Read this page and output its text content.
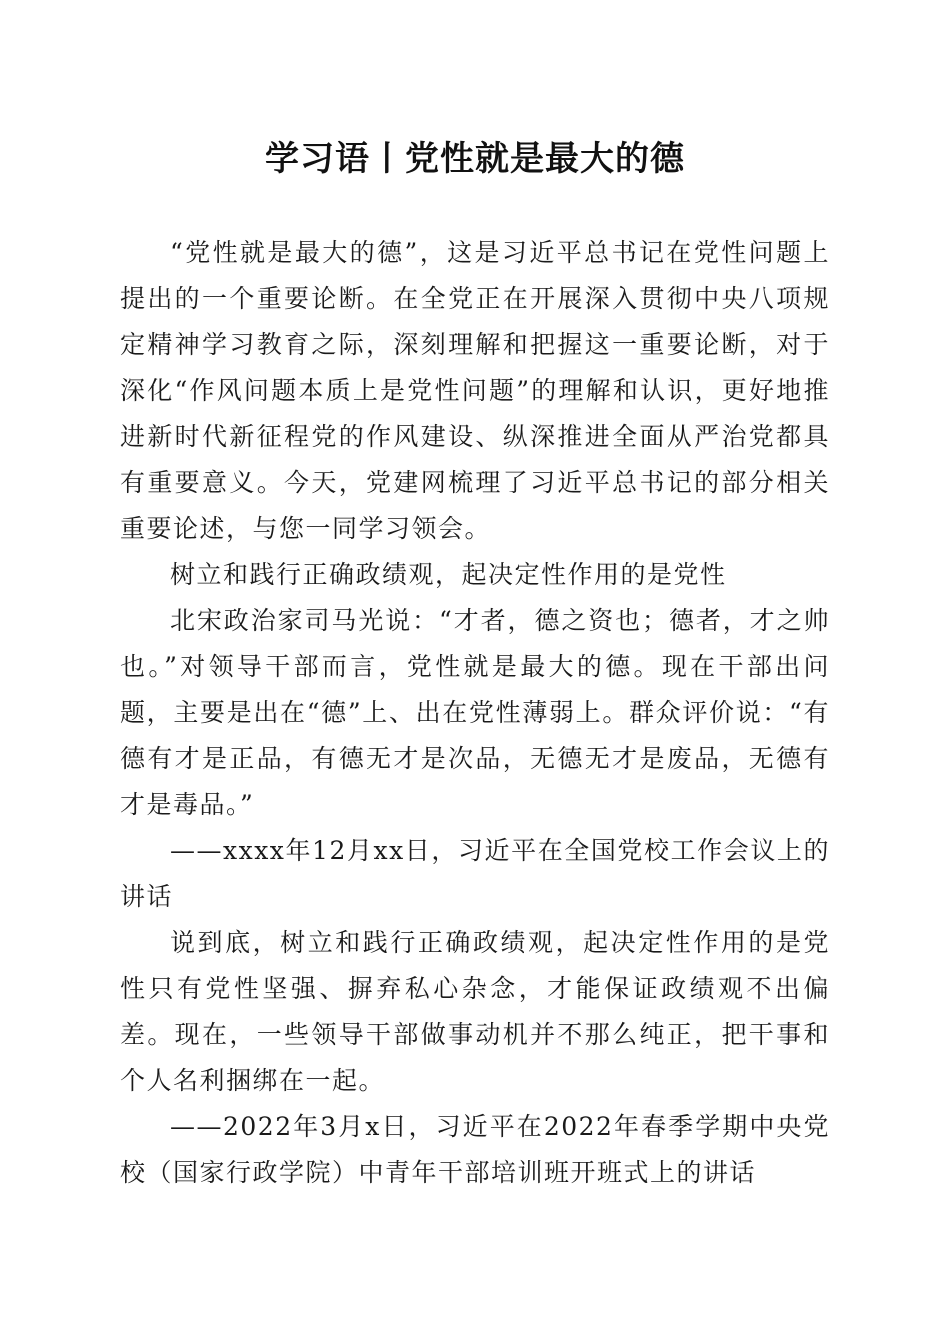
学习语丨党性就是最大的德

“党性就是最大的德”，这是习近平总书记在党性问题上提出的一个重要论断。在全党正在开展深入贯彻中央八项规定精神学习教育之际，深刻理解和把握这一重要论断，对于深化“作风问题本质上是党性问题”的理解和认识，更好地推进新时代新征程党的作风建设、纵深推进全面从严治党都具有重要意义。今天，党建网梳理了习近平总书记的部分相关重要论述，与您一同学习领会。

树立和践行正确政绩观，起决定性作用的是党性

北宋政治家司马光说：“才者，德之资也；德者，才之帅也。”对领导干部而言，党性就是最大的德。现在干部出问题，主要是出在“德”上、出在党性薄弱上。群众评价说：“有德有才是正品，有德无才是次品，无德无才是废品，无德有才是毒品。”

——xxxx年12月xx日，习近平在全国党校工作会议上的讲话

说到底，树立和践行正确政绩观，起决定性作用的是党性只有党性坚强、摒弃私心杂念，才能保证政绩观不出偏差。现在，一些领导干部做事动机并不那么纯正，把干事和个人名利捆绑在一起。

——2022年3月x日，习近平在2022年春季学期中央党校（国家行政学院）中青年干部培训班开班式上的讲话
